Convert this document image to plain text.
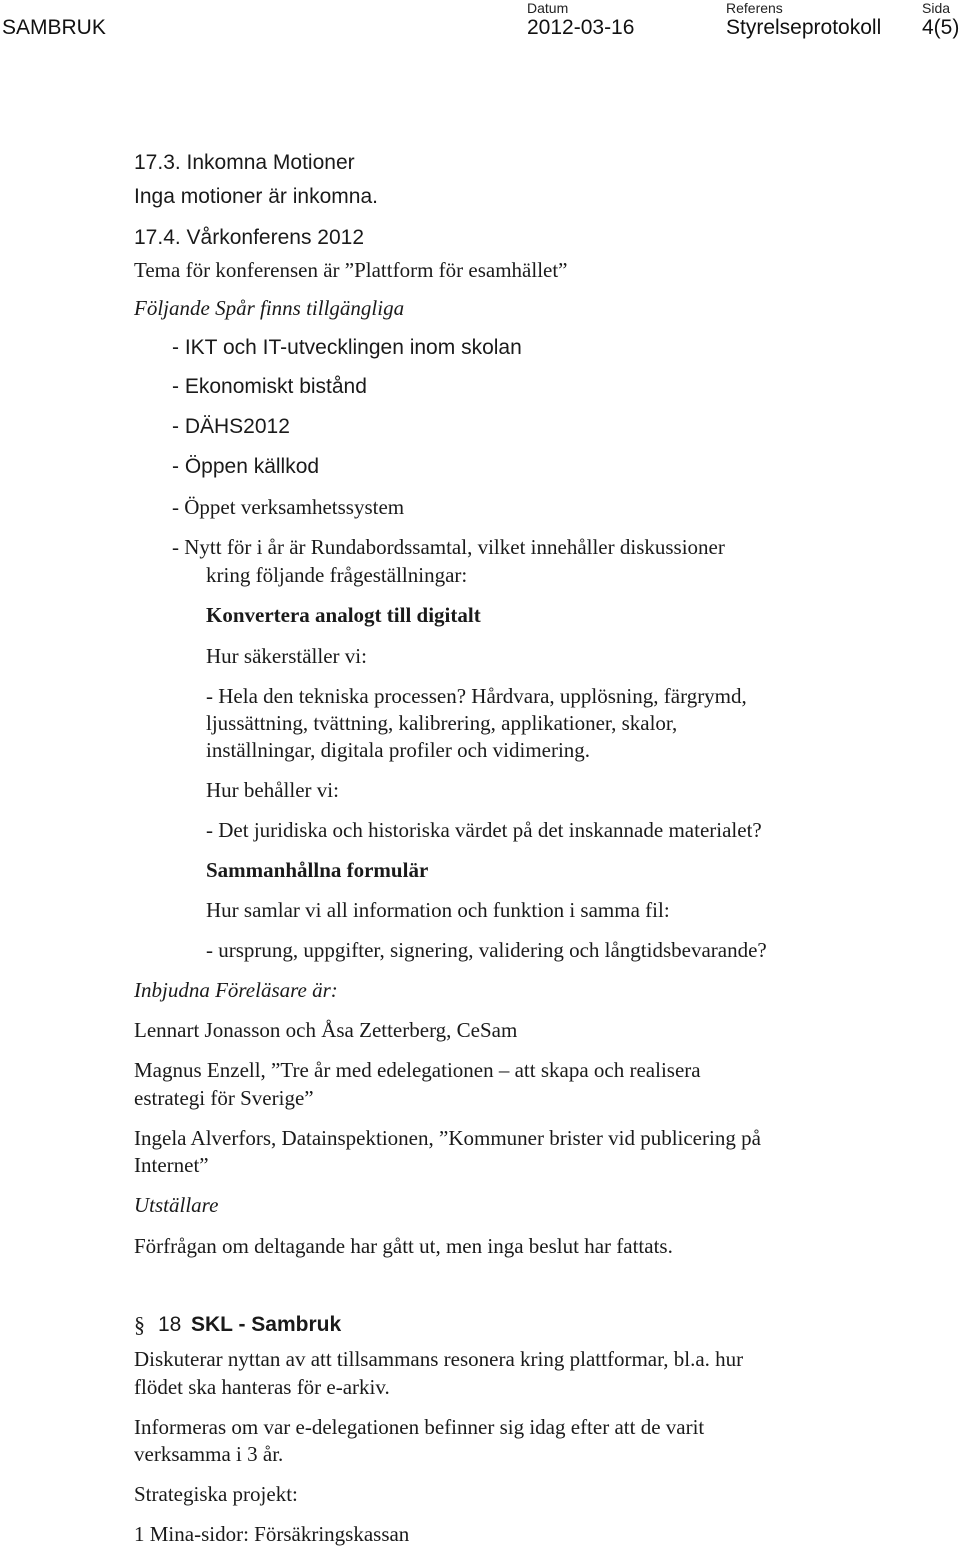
SAMBRUK
Datum
2012-03-16
Referens
Styrelseprotokoll
Sida
4(5)
17.3. Inkomna Motioner
Inga motioner är inkomna.
17.4. Vårkonferens 2012
Tema för konferensen är ”Plattform för esamhället”
Följande Spår finns tillgängliga
- IKT och IT-utvecklingen inom skolan
- Ekonomiskt bistånd
- DÄHS2012
- Öppen källkod
- Öppet verksamhetssystem
- Nytt för i år är Rundabordssamtal, vilket innehåller diskussioner
kring följande frågeställningar:
Konvertera analogt till digitalt
Hur säkerställer vi:
- Hela den tekniska processen? Hårdvara, upplösning, färgrymd,
ljussättning, tvättning, kalibrering, applikationer, skalor,
inställningar, digitala profiler och vidimering.
Hur behåller vi:
- Det juridiska och historiska värdet på det inskannade materialet?
Sammanhållna formulär
Hur samlar vi all information och funktion i samma fil:
- ursprung, uppgifter, signering, validering och långtidsbevarande?
Inbjudna Föreläsare är:
Lennart Jonasson och Åsa Zetterberg, CeSam
Magnus Enzell, ”Tre år med edelegationen – att skapa och realisera
estrategi för Sverige”
Ingela Alverfors, Datainspektionen, ”Kommuner brister vid publicering på
Internet”
Utställare
Förfrågan om deltagande har gått ut, men inga beslut har fattats.
§ 18 SKL - Sambruk
Diskuterar nyttan av att tillsammans resonera kring plattformar, bl.a. hur
flödet ska hanteras för e-arkiv.
Informeras om var e-delegationen befinner sig idag efter att de varit
verksamma i 3 år.
Strategiska projekt:
1 Mina-sidor: Försäkringskassan
